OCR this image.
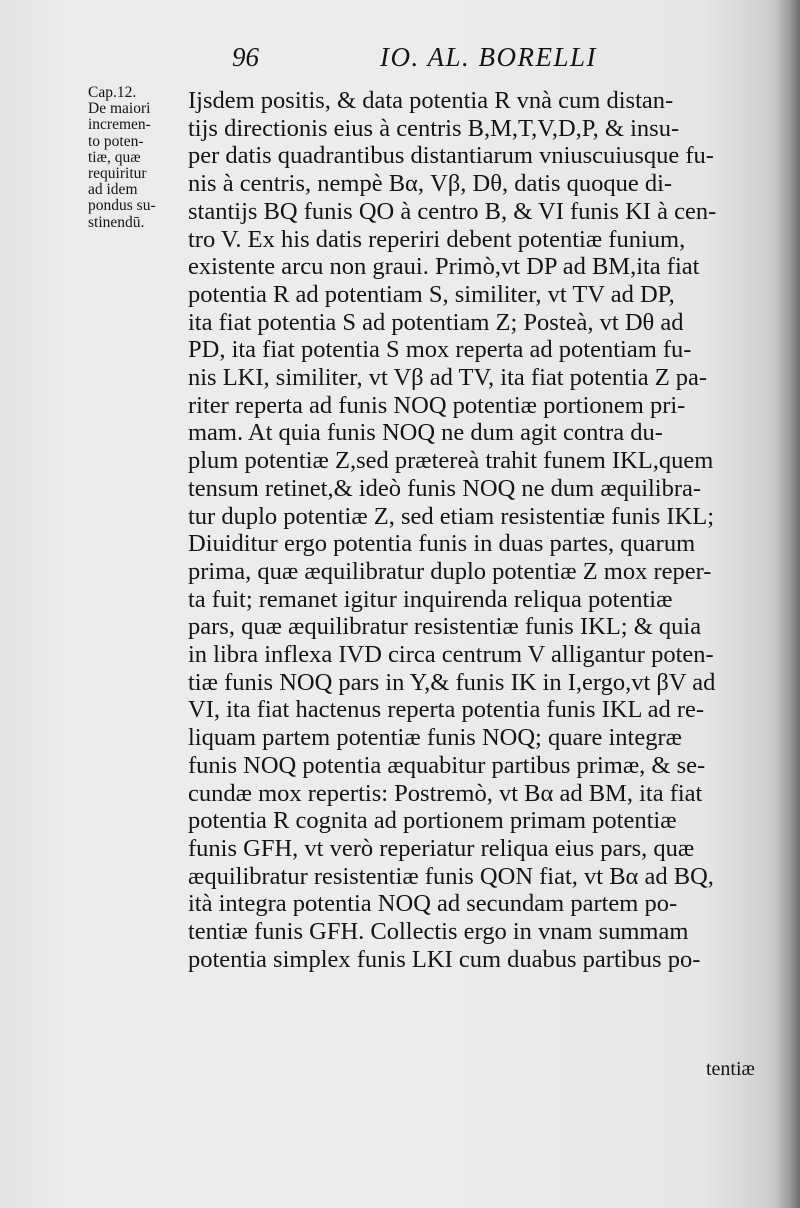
96	IO. AL. BORELLI
Cap.12.
De maiori
incremen-
to poten-
tiæ, quæ
requiritur
ad idem
pondus su-
stinendū.
Ijsdem positis, & data potentia R vnà cum distan-
tijs directionis eius à centris B,M,T,V,D,P, & insu-
per datis quadrantibus distantiarum vniuscuiusque fu-
nis à centris, nempè Bα, Vβ, Dθ, datis quoque di-
stantijs BQ funis QO à centro B, & VI funis KI à cen-
tro V. Ex his datis reperiri debent potentiæ funium,
existente arcu non graui. Primò,vt DP ad BM,ita fiat
potentia R ad potentiam S, similiter, vt TV ad DP,
ita fiat potentia S ad potentiam Z; Posteà, vt Dθ ad
PD, ita fiat potentia S mox reperta ad potentiam fu-
nis LKI, similiter, vt Vβ ad TV, ita fiat potentia Z pa-
riter reperta ad funis NOQ potentiæ portionem pri-
mam. At quia funis NOQ ne dum agit contra du-
plum potentiæ Z,sed prætereà trahit funem IKL,quem
tensum retinet,& ideò funis NOQ ne dum æquilibra-
tur duplo potentiæ Z, sed etiam resistentiæ funis IKL;
Diuiditur ergo potentia funis in duas partes, quarum
prima, quæ æquilibratur duplo potentiæ Z mox reper-
ta fuit; remanet igitur inquirenda reliqua potentiæ
pars, quæ æquilibratur resistentiæ funis IKL; & quia
in libra inflexa IVD circa centrum V alligantur poten-
tiæ funis NOQ pars in Y,& funis IK in I,ergo,vt βV ad
VI, ita fiat hactenus reperta potentia funis IKL ad re-
liquam partem potentiæ funis NOQ; quare integræ
funis NOQ potentia æquabitur partibus primæ, & se-
cundæ mox repertis: Postremò, vt Bα ad BM, ita fiat
potentia R cognita ad portionem primam potentiæ
funis GFH, vt verò reperiatur reliqua eius pars, quæ
æquilibratur resistentiæ funis QON fiat, vt Bα ad BQ,
ità integra potentia NOQ ad secundam partem po-
tentiæ funis GFH. Collectis ergo in vnam summam
potentia simplex funis LKI cum duabus partibus po-
tentiæ
